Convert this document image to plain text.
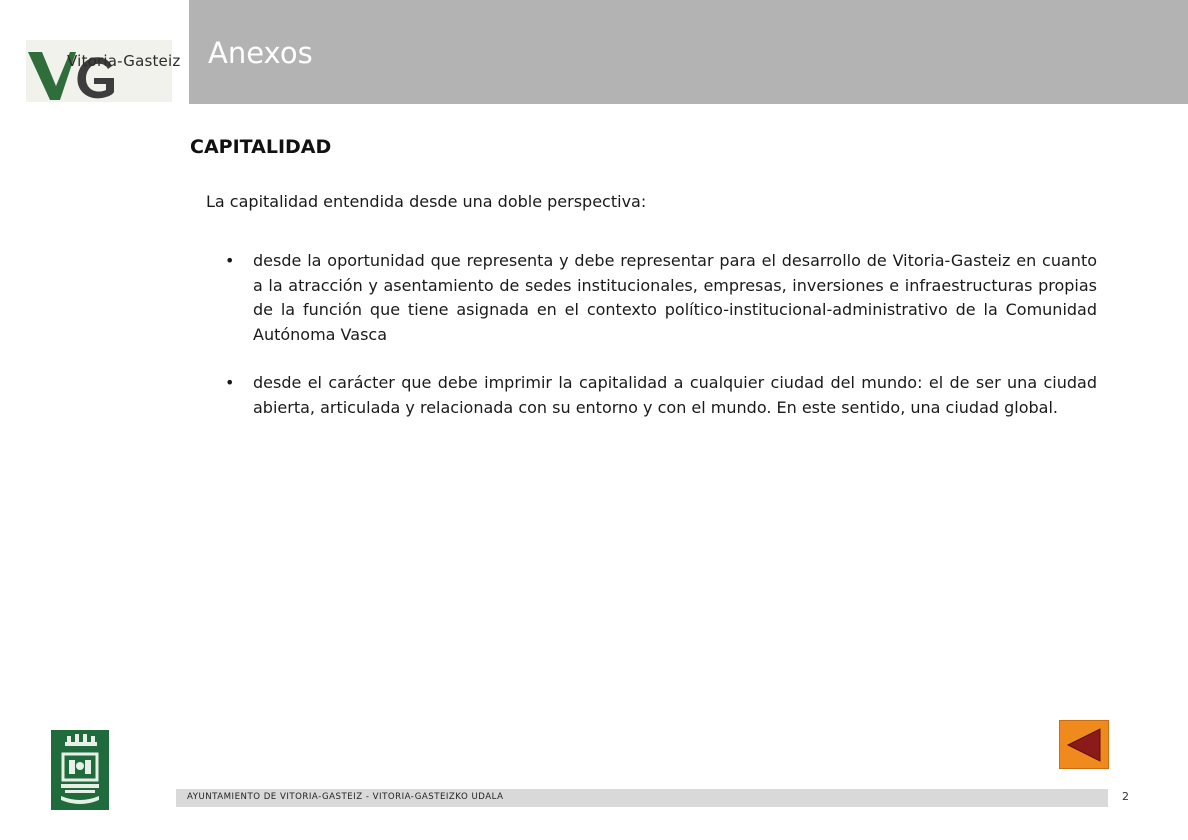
Vitoria-Gasteiz Anexos
CAPITALIDAD
La capitalidad entendida desde una doble perspectiva:
• desde la oportunidad que representa y debe representar para el desarrollo de Vitoria-Gasteiz en cuanto a la atracción y asentamiento de sedes institucionales, empresas, inversiones e infraestructuras propias de la función que tiene asignada en el contexto político-institucional-administrativo de la Comunidad Autónoma Vasca
• desde el carácter que debe imprimir la capitalidad a cualquier ciudad del mundo: el de ser una ciudad abierta, articulada y relacionada con su entorno y con el mundo. En este sentido, una ciudad global.
AYUNTAMIENTO DE VITORIA-GASTEIZ - VITORIA-GASTEIZKO UDALA	2
